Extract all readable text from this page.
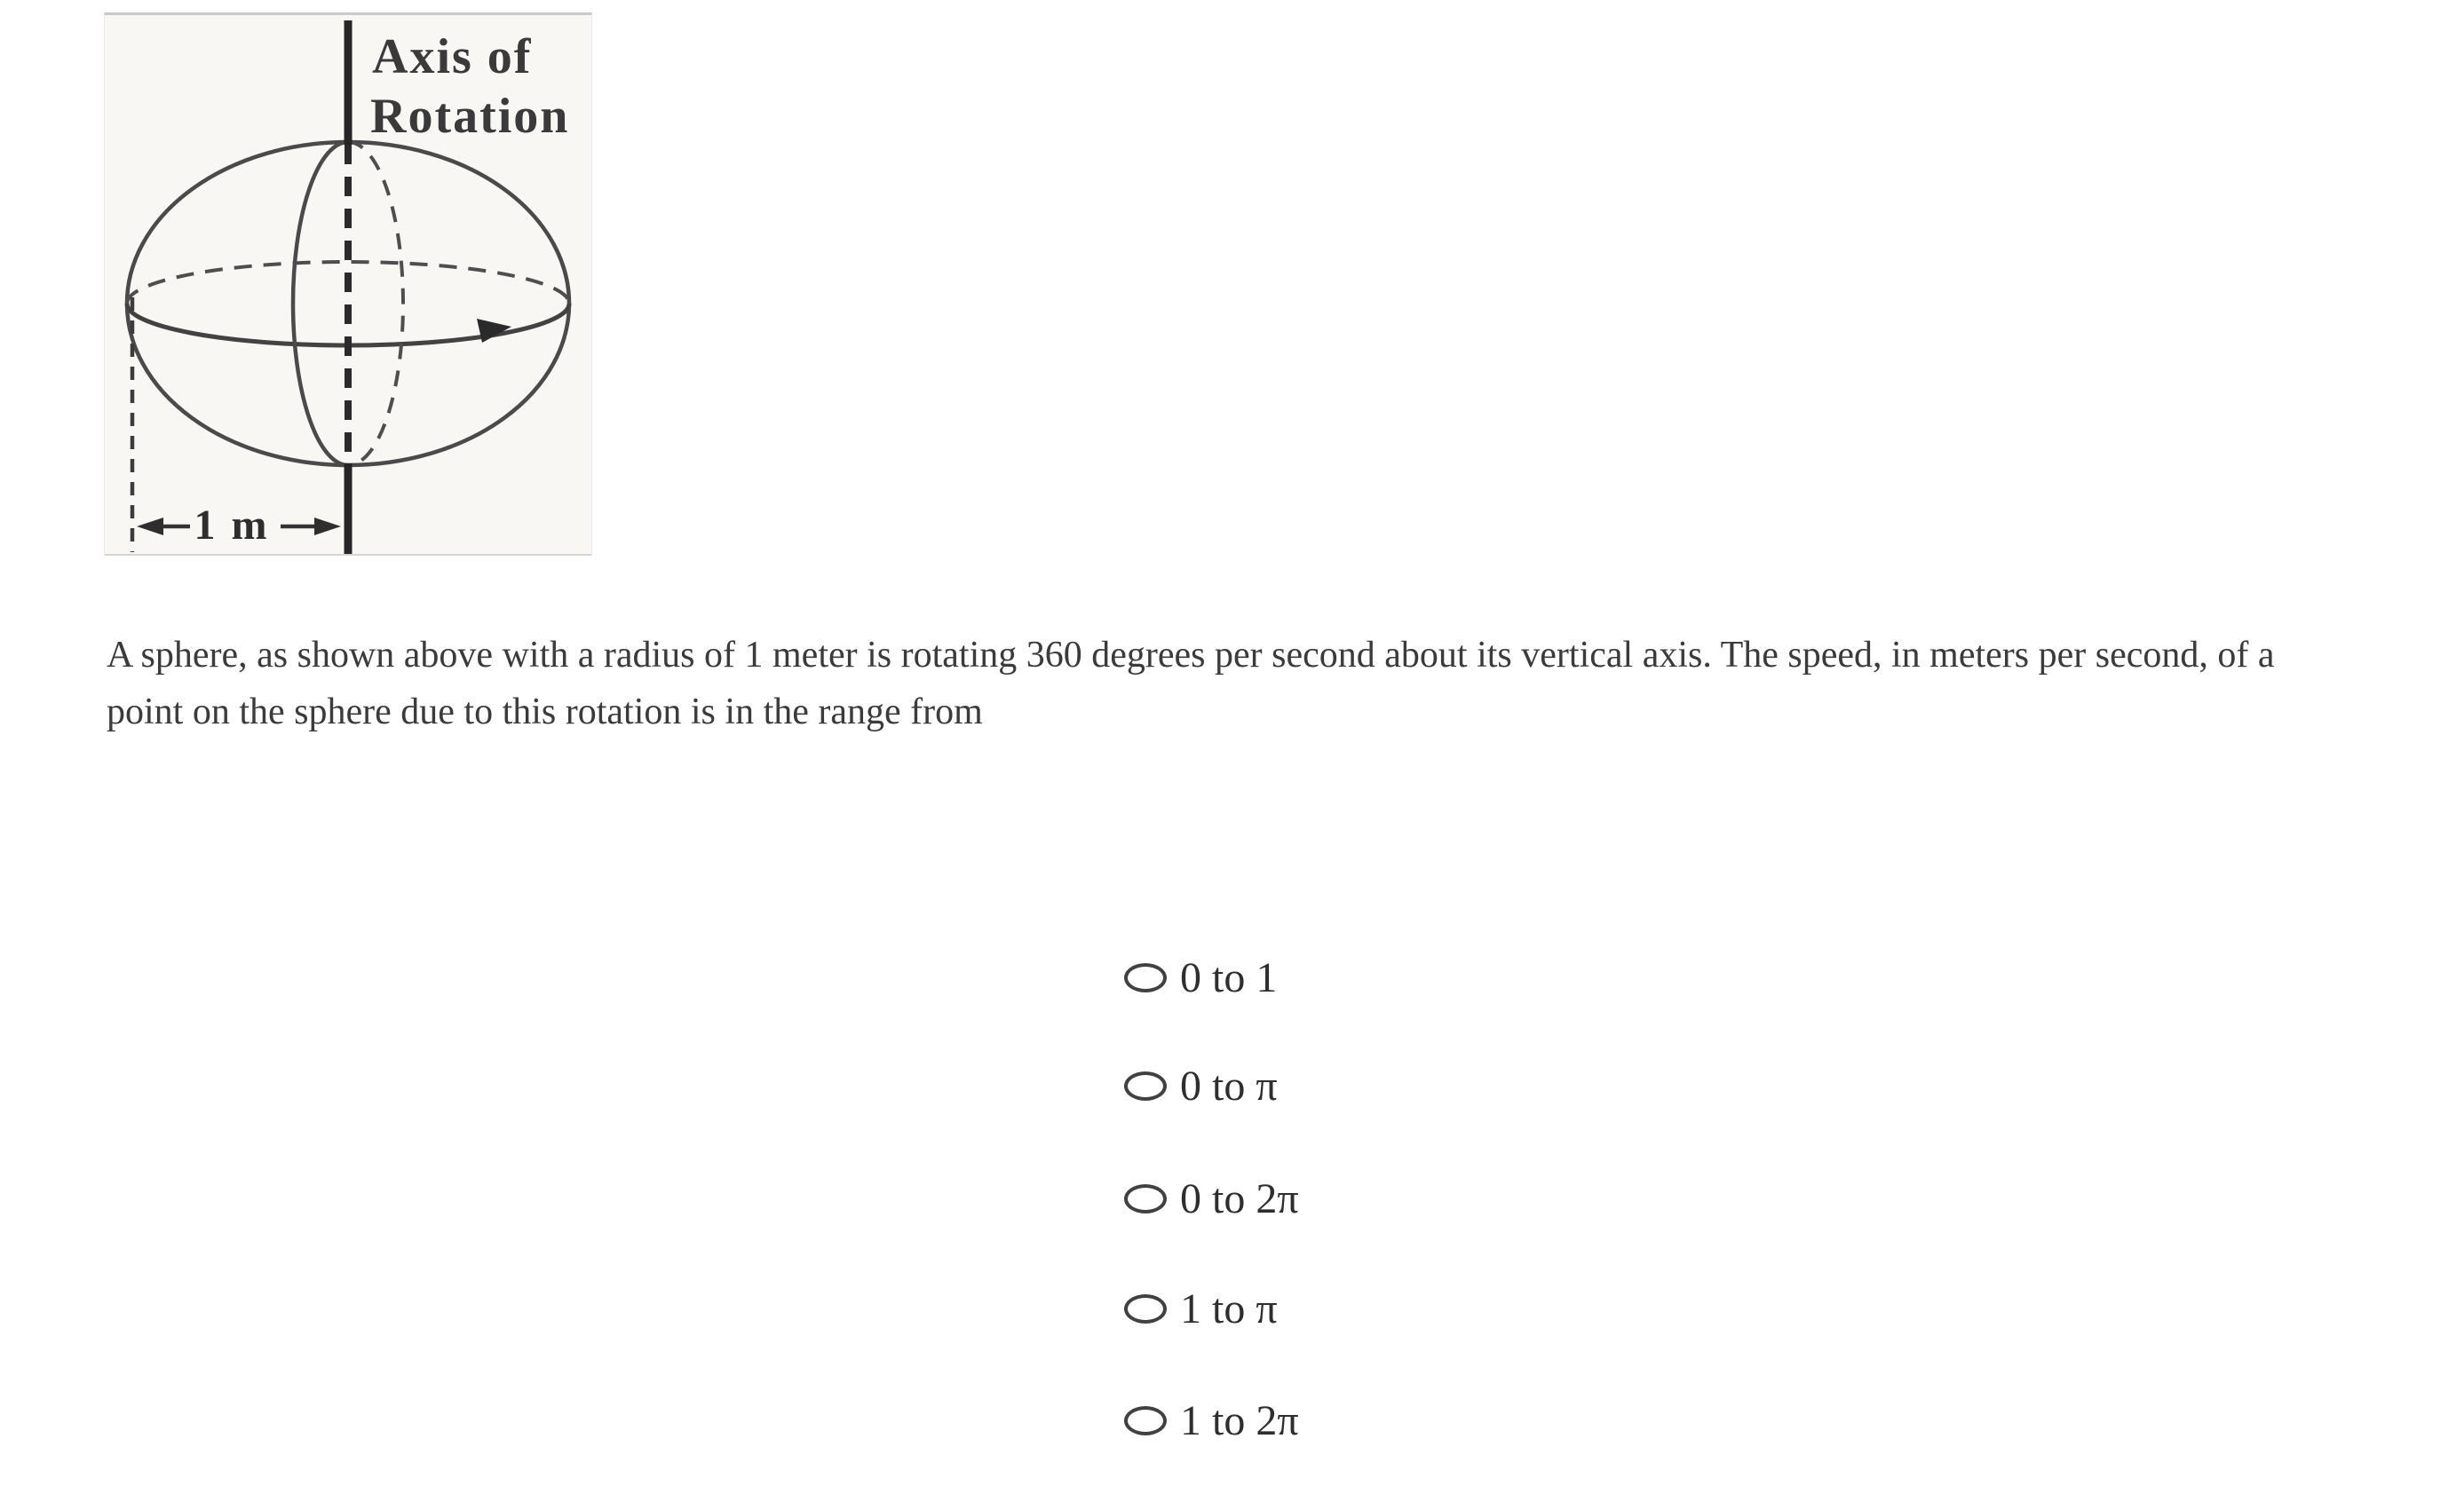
Axis of
Rotation
1 m
A sphere, as shown above with a radius of 1 meter is rotating 360 degrees per second about its vertical axis. The speed, in meters per second, of a point on the sphere due to this rotation is in the range from
0 to 1
0 to π
0 to 2π
1 to π
1 to 2π
